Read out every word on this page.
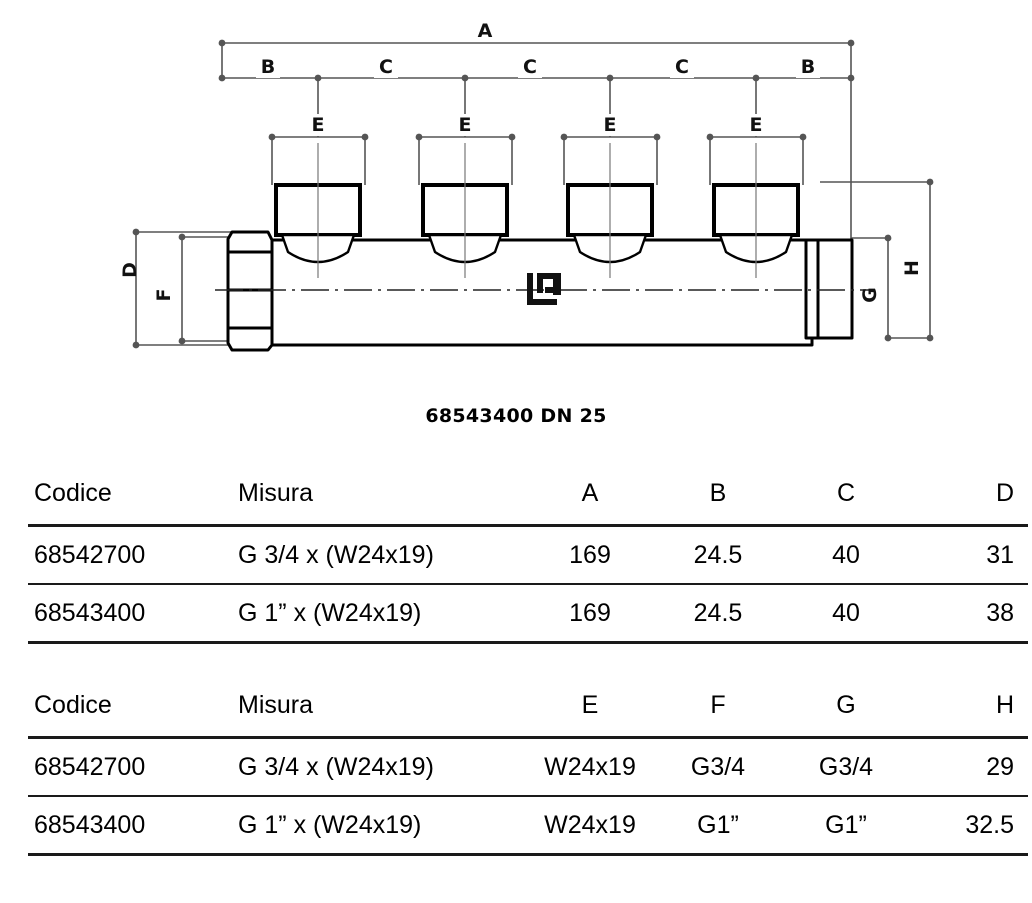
A
B	C	C	C	B
E	E	E	E
D
F	G
H
68543400 DN 25
Codice	Misura	A	B	C	D
68542700	G 3/4 x (W24x19)	169	24.5	40	31
68543400	G 1” x (W24x19)	169	24.5	40	38
Codice	Misura	E	F	G	H
68542700	G 3/4 x (W24x19)	W24x19	G3/4	G3/4	29
68543400	G 1” x (W24x19)	W24x19	G1”	G1”	32.5
